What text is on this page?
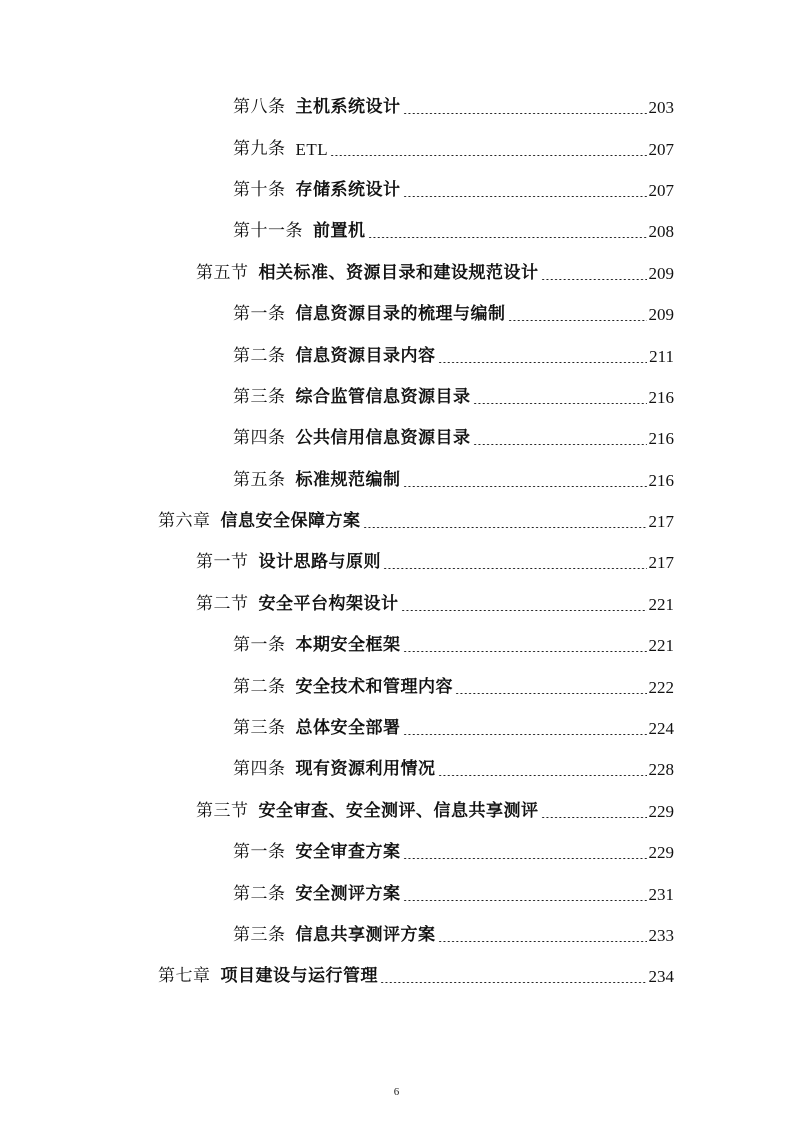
第八条 主机系统设计	203
第九条 ETL	207
第十条 存储系统设计	207
第十一条 前置机	208
第五节 相关标准、资源目录和建设规范设计	209
第一条 信息资源目录的梳理与编制	209
第二条 信息资源目录内容	211
第三条 综合监管信息资源目录	216
第四条 公共信用信息资源目录	216
第五条 标准规范编制	216
第六章 信息安全保障方案	217
第一节 设计思路与原则	217
第二节 安全平台构架设计	221
第一条 本期安全框架	221
第二条 安全技术和管理内容	222
第三条 总体安全部署	224
第四条 现有资源利用情况	228
第三节 安全审查、安全测评、信息共享测评	229
第一条 安全审查方案	229
第二条 安全测评方案	231
第三条 信息共享测评方案	233
第七章 项目建设与运行管理	234
6
